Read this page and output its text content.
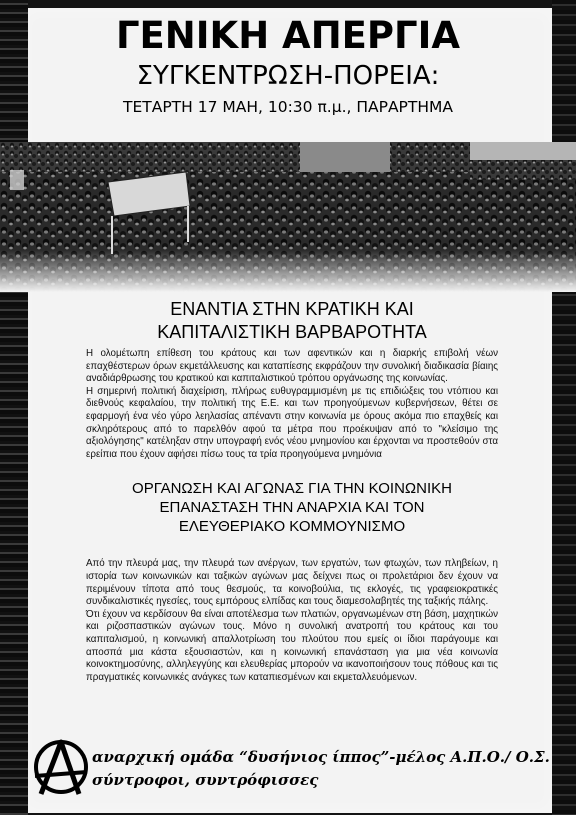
ΓΕΝΙΚΗ ΑΠΕΡΓΙΑ
ΣΥΓΚΕΝΤΡΩΣΗ-ΠΟΡΕΙΑ:
ΤΕΤΑΡΤΗ 17 ΜΑΗ, 10:30 π.μ., ΠΑΡΑΡΤΗΜΑ
ΕΝΑΝΤΙΑ ΣΤΗΝ ΚΡΑΤΙΚΗ ΚΑΙ
ΚΑΠΙΤΑΛΙΣΤΙΚΗ ΒΑΡΒΑΡΟΤΗΤΑ

Η ολομέτωπη επίθεση του κράτους και των αφεντικών και η διαρκής επιβολή νέων επαχθέστερων όρων εκμετάλλευσης και καταπίεσης εκφράζουν την συνολική διαδικασία βίαιης αναδιάρθρωσης του κρατικού και καπιταλιστικού τρόπου οργάνωσης της κοινωνίας.

Η σημερινή πολιτική διαχείριση, πλήρως ευθυγραμμισμένη με τις επιδιώξεις του ντόπιου και διεθνούς κεφαλαίου, την πολιτική της Ε.Ε. και των προηγούμενων κυβερνήσεων, θέτει σε εφαρμογή ένα νέο γύρο λεηλασίας απέναντι στην κοινωνία με όρους ακόμα πιο επαχθείς και σκληρότερους από το παρελθόν αφού τα μέτρα που προέκυψαν από το "κλείσιμο της αξιολόγησης" κατέληξαν στην υπογραφή ενός νέου μνημονίου και έρχονται να προστεθούν στα ερείπια που έχουν αφήσει πίσω τους τα τρία προηγούμενα μνημόνια

ΟΡΓΑΝΩΣΗ ΚΑΙ ΑΓΩΝΑΣ ΓΙΑ ΤΗΝ ΚΟΙΝΩΝΙΚΗ
ΕΠΑΝΑΣΤΑΣΗ ΤΗΝ ΑΝΑΡΧΙΑ ΚΑΙ ΤΟΝ
ΕΛΕΥΘΕΡΙΑΚΟ ΚΟΜΜΟΥΝΙΣΜΟ

Από την πλευρά μας, την πλευρά των ανέργων, των εργατών, των φτωχών, των πληβείων, η ιστορία των κοινωνικών και ταξικών αγώνων μας δείχνει πως οι προλετάριοι δεν έχουν να περιμένουν τίποτα από τους θεσμούς, τα κοινοβούλια, τις εκλογές, τις γραφειοκρατικές συνδικαλιστικές ηγεσίες, τους εμπόρους ελπίδας και τους διαμεσολαβητές της ταξικής πάλης.

Ότι έχουν να κερδίσουν θα είναι αποτέλεσμα των πλατιών, οργανωμένων στη βάση, μαχητικών και ριζοσπαστικών αγώνων τους. Μόνο η συνολική ανατροπή του κράτους και του καπιταλισμού, η κοινωνική απαλλοτρίωση του πλούτου που εμείς οι ίδιοι παράγουμε και αποσπά μια κάστα εξουσιαστών, και η κοινωνική επανάσταση για μια νέα κοινωνία κοινοκτημοσύνης, αλληλεγγύης και ελευθερίας μπορούν να ικανοποιήσουν τους πόθους και τις πραγματικές κοινωνικές ανάγκες των καταπιεσμένων και εκμεταλλευόμενων.

αναρχική ομάδα “δυσήνιος ίππος”-μέλος Α.Π.Ο./ Ο.Σ.
σύντροφοι, συντρόφισσες
